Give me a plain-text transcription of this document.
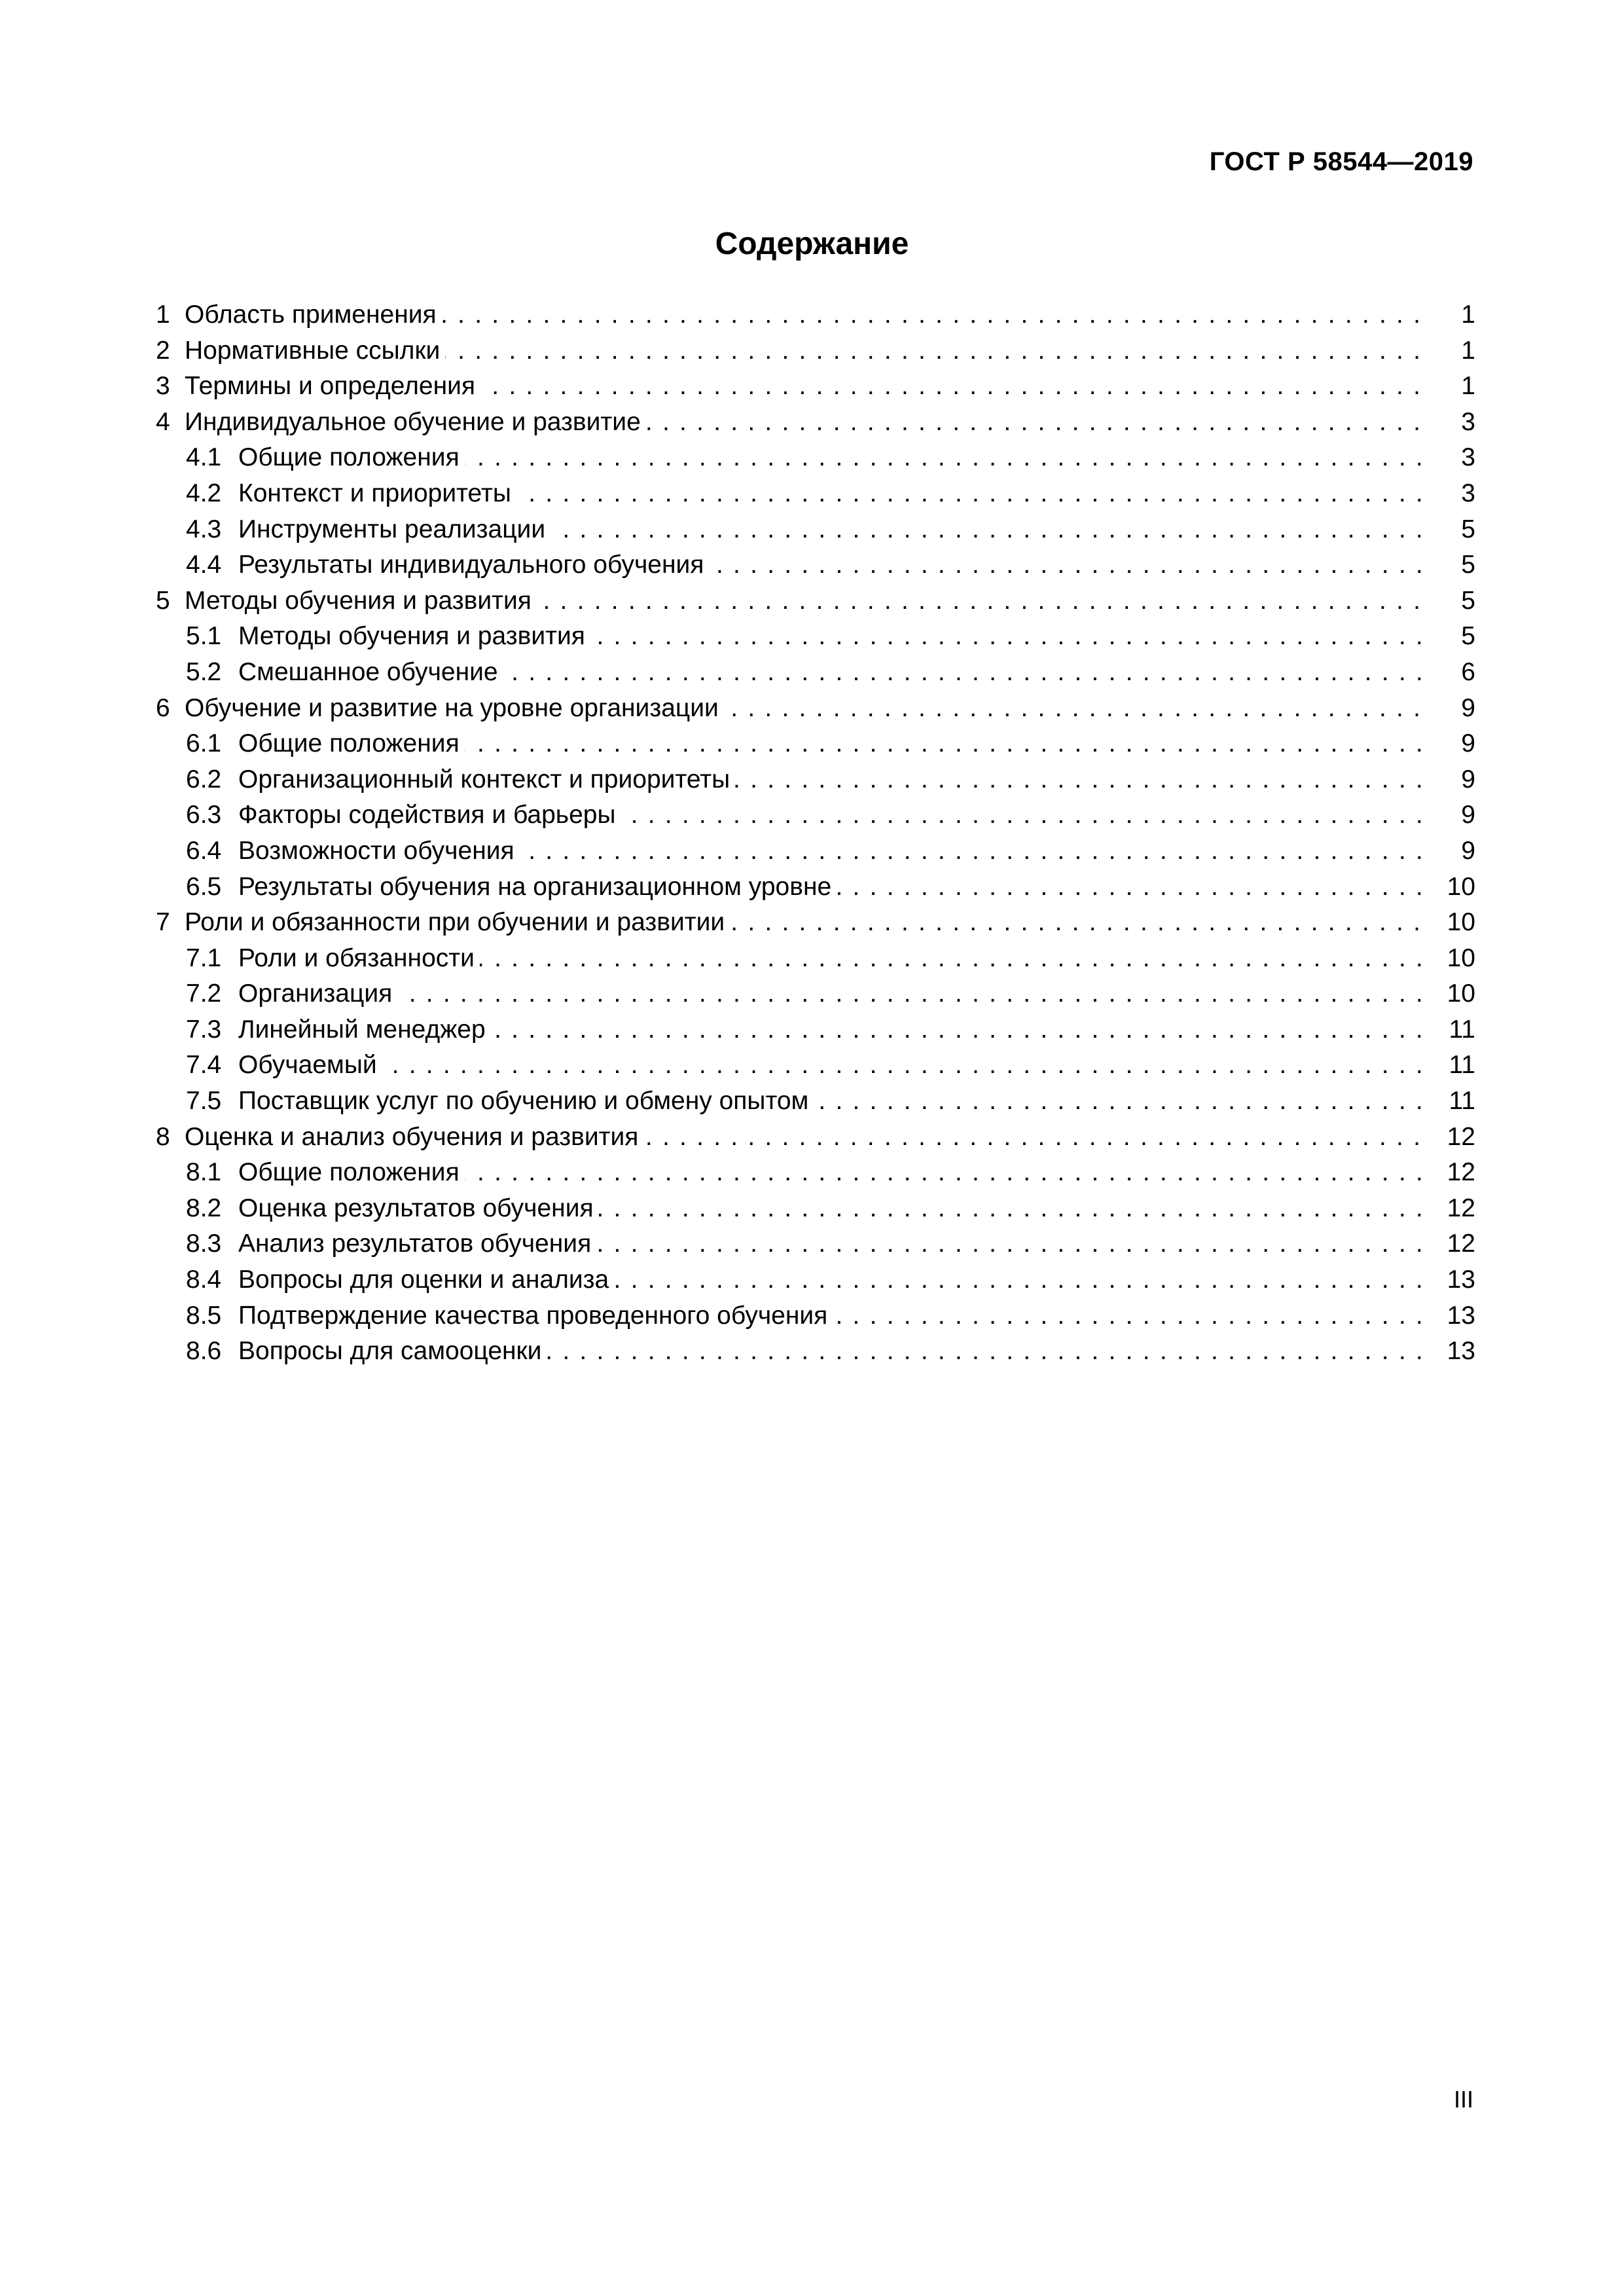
ГОСТ Р 58544—2019
Содержание
1 Область применения . . .	1
2 Нормативные ссылки . . .	1
3 Термины и определения . . .	1
4 Индивидуальное обучение и развитие . . .	3
4.1 Общие положения . . .	3
4.2 Контекст и приоритеты . . .	3
4.3 Инструменты реализации . . .	5
4.4 Результаты индивидуального обучения . . .	5
5 Методы обучения и развития . . .	5
5.1 Методы обучения и развития . . .	5
5.2 Смешанное обучение . . .	6
6 Обучение и развитие на уровне организации . . .	9
6.1 Общие положения . . .	9
6.2 Организационный контекст и приоритеты . . .	9
6.3 Факторы содействия и барьеры . . .	9
6.4 Возможности обучения . . .	9
6.5 Результаты обучения на организационном уровне . . .	10
7 Роли и обязанности при обучении и развитии . . .	10
7.1 Роли и обязанности . . .	10
7.2 Организация . . .	10
7.3 Линейный менеджер . . .	11
7.4 Обучаемый . . .	11
7.5 Поставщик услуг по обучению и обмену опытом . . .	11
8 Оценка и анализ обучения и развития . . .	12
8.1 Общие положения . . .	12
8.2 Оценка результатов обучения . . .	12
8.3 Анализ результатов обучения . . .	12
8.4 Вопросы для оценки и анализа . . .	13
8.5 Подтверждение качества проведенного обучения . . .	13
8.6 Вопросы для самооценки . . .	13
III
